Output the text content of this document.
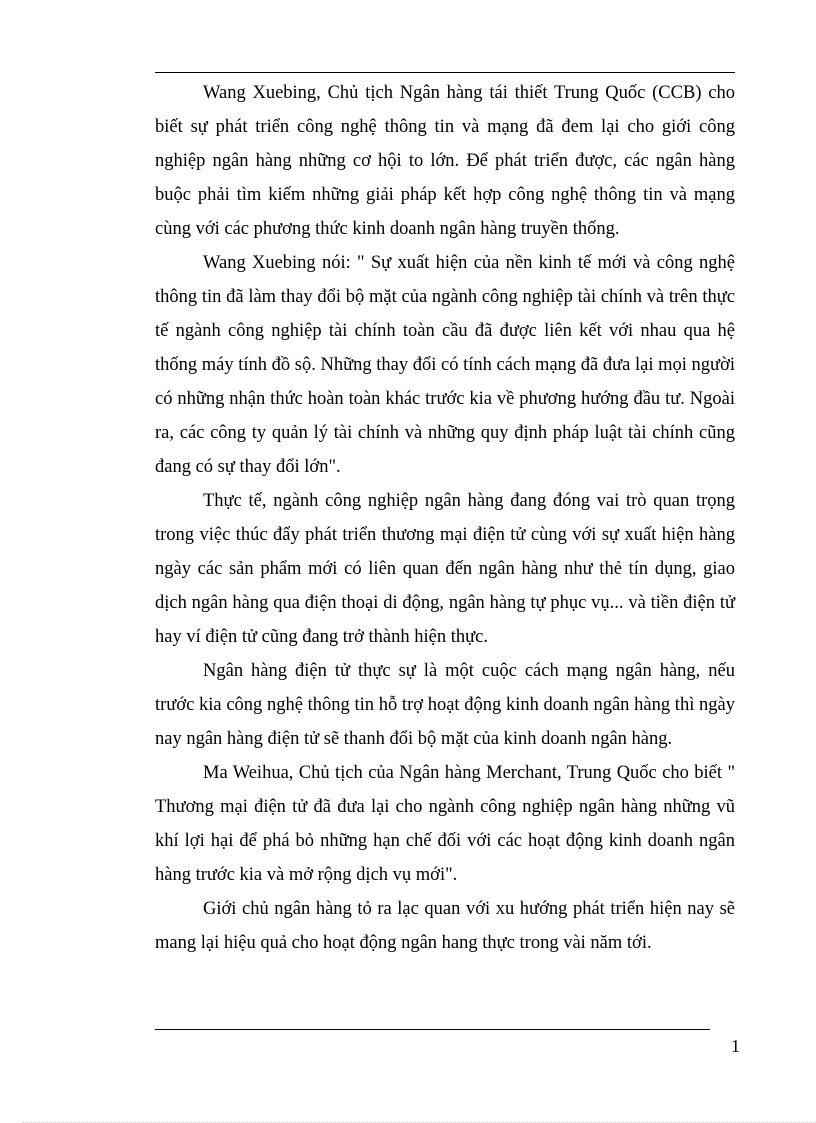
Wang Xuebing, Chủ tịch Ngân hàng tái thiết Trung Quốc (CCB) cho biết sự phát triển công nghệ thông tin và mạng đã đem lại cho giới công nghiệp ngân hàng những cơ hội to lớn. Để phát triển được, các ngân hàng buộc phải tìm kiếm những giải pháp kết hợp công nghệ thông tin và mạng cùng với các phương thức kinh doanh ngân hàng truyền thống.

Wang Xuebing nói: " Sự xuất hiện của nền kinh tế mới và công nghệ thông tin đã làm thay đổi bộ mặt của ngành công nghiệp tài chính và trên thực tế ngành công nghiệp tài chính toàn cầu đã được liên kết với nhau qua hệ thống máy tính đồ sộ. Những thay đổi có tính cách mạng đã đưa lại mọi người có những nhận thức hoàn toàn khác trước kia về phương hướng đầu tư. Ngoài ra, các công ty quản lý tài chính và những quy định pháp luật tài chính cũng đang có sự thay đổi lớn".

Thực tế, ngành công nghiệp ngân hàng đang đóng vai trò quan trọng trong việc thúc đẩy phát triển thương mại điện tử cùng với sự xuất hiện hàng ngày các sản phẩm mới có liên quan đến ngân hàng như thẻ tín dụng, giao dịch ngân hàng qua điện thoại di động, ngân hàng tự phục vụ... và tiền điện tử hay ví điện tử cũng đang trở thành hiện thực.

Ngân hàng điện tử thực sự là một cuộc cách mạng ngân hàng, nếu trước kia công nghệ thông tin hỗ trợ hoạt động kinh doanh ngân hàng thì ngày nay ngân hàng điện tử sẽ thanh đổi bộ mặt của kinh doanh ngân hàng.

Ma Weihua, Chủ tịch của Ngân hàng Merchant, Trung Quốc cho biết " Thương mại điện tử đã đưa lại cho ngành công nghiệp ngân hàng những vũ khí lợi hại để phá bỏ những hạn chế đối với các hoạt động kinh doanh ngân hàng trước kia và mở rộng dịch vụ mới".

Giới chủ ngân hàng tỏ ra lạc quan với xu hướng phát triển hiện nay sẽ mang lại hiệu quả cho hoạt động ngân hang thực trong vài năm tới.

1
